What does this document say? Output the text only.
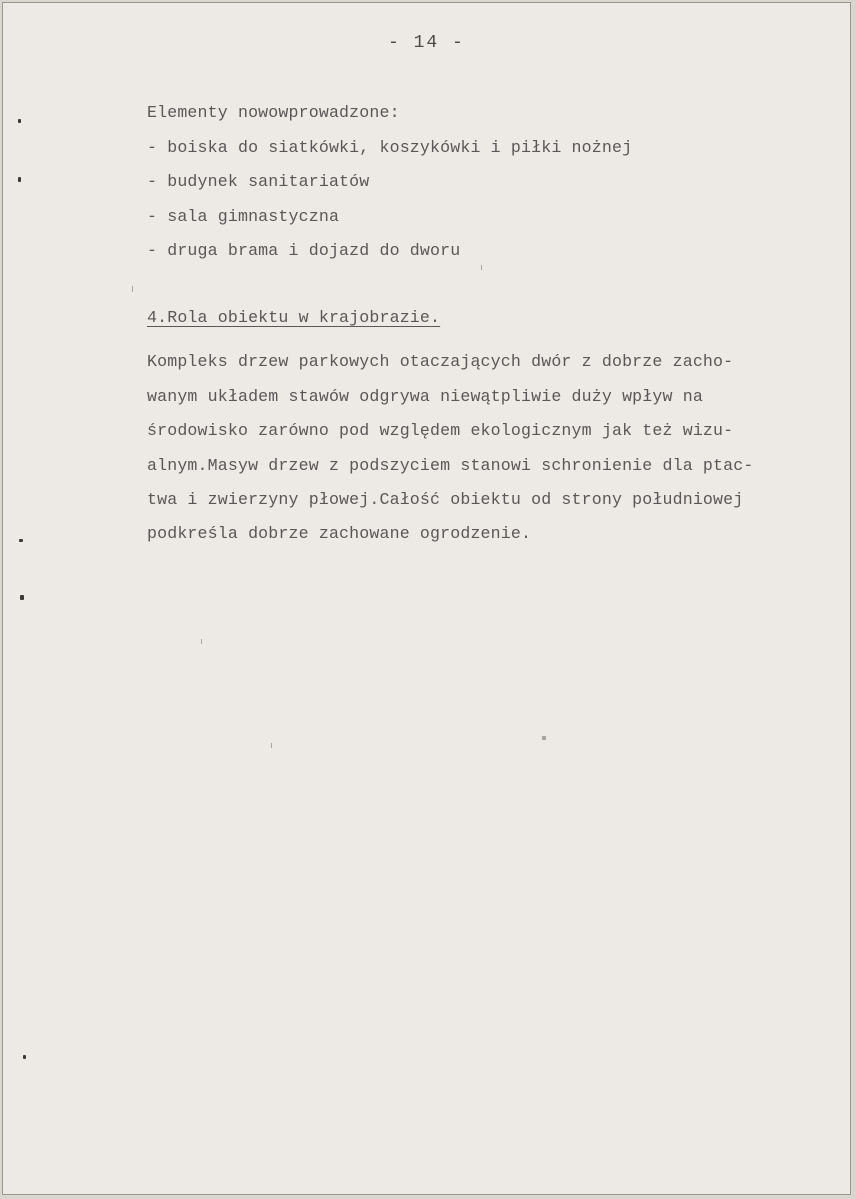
- 14 -
Elementy nowowprowadzone:
- boiska do siatkówki, koszykówki i piłki nożnej
- budynek sanitariatów
- sala gimnastyczna
- druga brama i dojazd do dworu
4.Rola obiektu w krajobrazie.
Kompleks drzew parkowych otaczających dwór z dobrze zacho-
wanym układem stawów odgrywa niewątpliwie duży wpływ na
środowisko zarówno pod względem ekologicznym jak też wizu-
alnym.Masyw drzew z podszyciem stanowi schronienie dla ptac-
twa i zwierzyny płowej.Całość obiektu od strony południowej
podkreśla dobrze zachowane ogrodzenie.
